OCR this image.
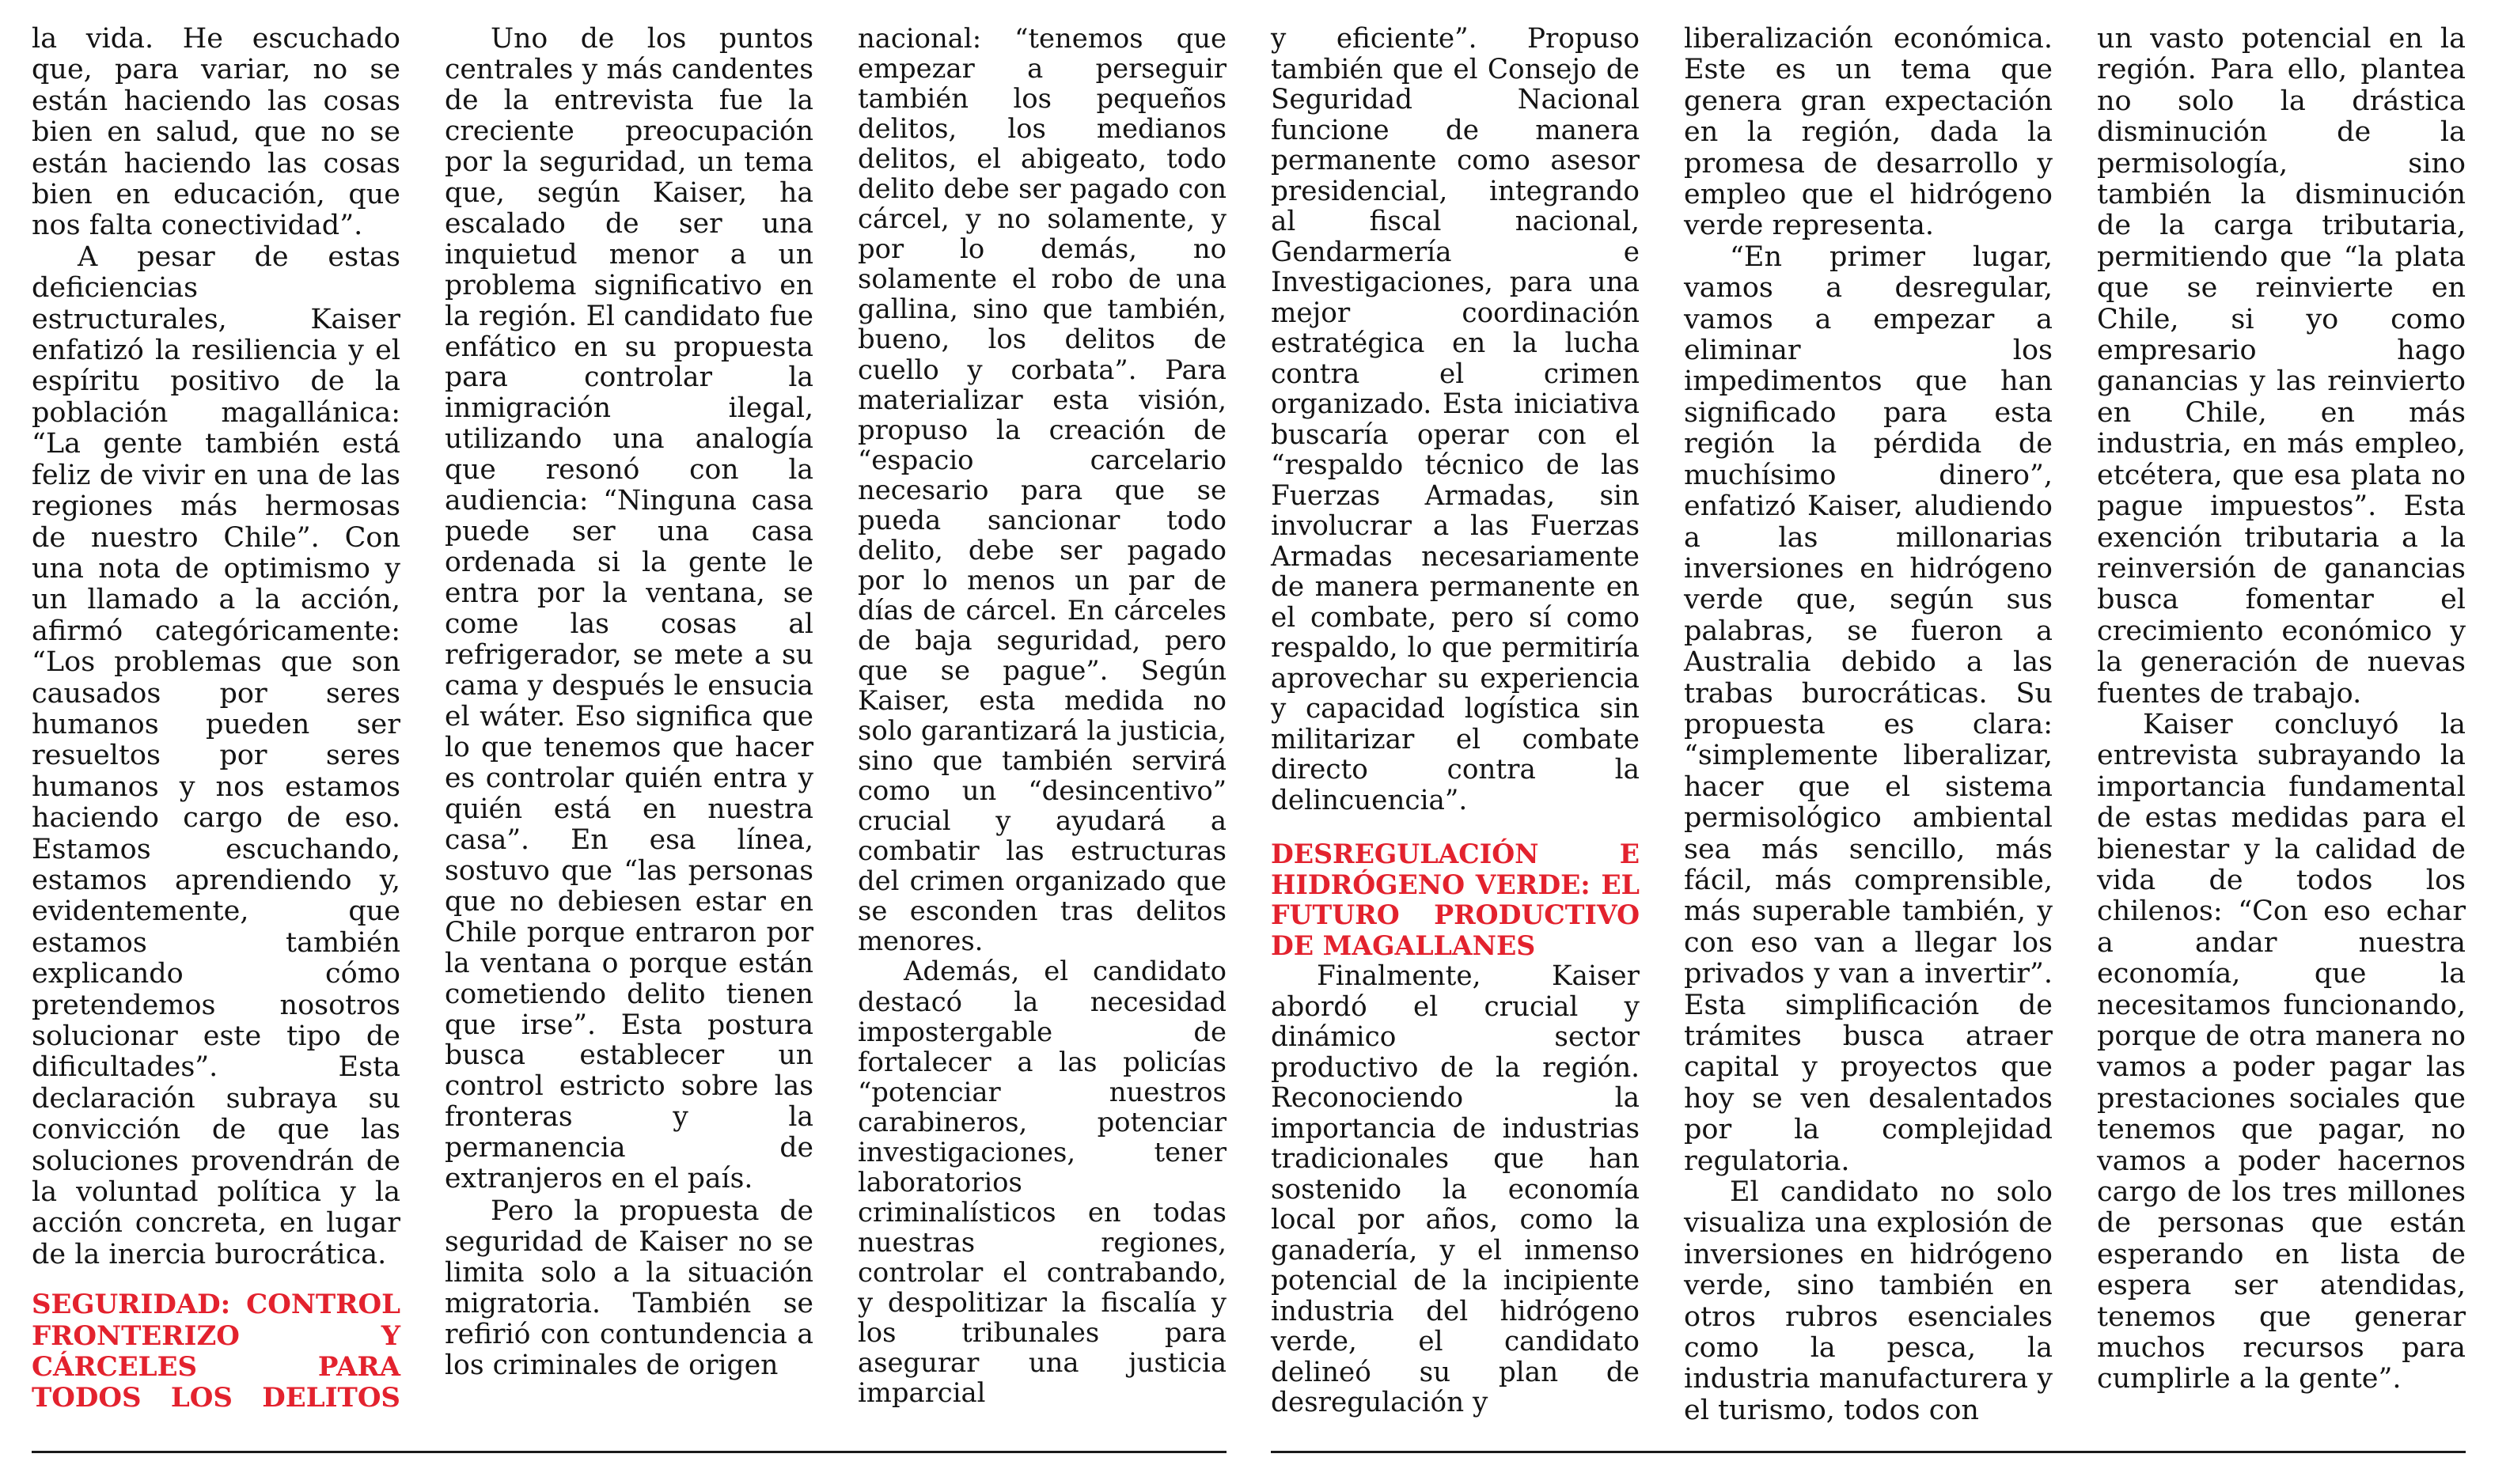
la vida. He escuchado que, para variar, no se están haciendo las cosas bien en salud, que no se están haciendo las cosas bien en educación, que nos falta conectividad”.

A pesar de estas deficiencias estructurales, Kaiser enfatizó la resiliencia y el espíritu positivo de la población magallánica: “La gente también está feliz de vivir en una de las regiones más hermosas de nuestro Chile”. Con una nota de optimismo y un llamado a la acción, afirmó categóricamente: “Los problemas que son causados por seres humanos pueden ser resueltos por seres humanos y nos estamos haciendo cargo de eso. Estamos escuchando, estamos aprendiendo y, evidentemente, que estamos también explicando cómo pretendemos nosotros solucionar este tipo de dificultades”. Esta declaración subraya su convicción de que las soluciones provendrán de la voluntad política y la acción concreta, en lugar de la inercia burocrática.

SEGURIDAD: CONTROL FRONTERIZO Y CÁRCELES PARA TODOS LOS DELITOS

Uno de los puntos centrales y más candentes de la entrevista fue la creciente preocupación por la seguridad, un tema que, según Kaiser, ha escalado de ser una inquietud menor a un problema significativo en la región. El candidato fue enfático en su propuesta para controlar la inmigración ilegal, utilizando una analogía que resonó con la audiencia: “Ninguna casa puede ser una casa ordenada si la gente le entra por la ventana, se come las cosas al refrigerador, se mete a su cama y después le ensucia el wáter. Eso significa que lo que tenemos que hacer es controlar quién entra y quién está en nuestra casa”. En esa línea, sostuvo que “las personas que no debiesen estar en Chile porque entraron por la ventana o porque están cometiendo delito tienen que irse”. Esta postura busca establecer un control estricto sobre las fronteras y la permanencia de extranjeros en el país.

Pero la propuesta de seguridad de Kaiser no se limita solo a la situación migratoria. También se refirió con contundencia a los criminales de origen

nacional: “tenemos que empezar a perseguir también los pequeños delitos, los medianos delitos, el abigeato, todo delito debe ser pagado con cárcel, y no solamente, y por lo demás, no solamente el robo de una gallina, sino que también, bueno, los delitos de cuello y corbata”. Para materializar esta visión, propuso la creación de “espacio carcelario necesario para que se pueda sancionar todo delito, debe ser pagado por lo menos un par de días de cárcel. En cárceles de baja seguridad, pero que se pague”. Según Kaiser, esta medida no solo garantizará la justicia, sino que también servirá como un “desincentivo” crucial y ayudará a combatir las estructuras del crimen organizado que se esconden tras delitos menores.

Además, el candidato destacó la necesidad impostergable de fortalecer a las policías “potenciar nuestros carabineros, potenciar investigaciones, tener laboratorios criminalísticos en todas nuestras regiones, controlar el contrabando, y despolitizar la fiscalía y los tribunales para asegurar una justicia imparcial

y eficiente”. Propuso también que el Consejo de Seguridad Nacional funcione de manera permanente como asesor presidencial, integrando al fiscal nacional, Gendarmería e Investigaciones, para una mejor coordinación estratégica en la lucha contra el crimen organizado. Esta iniciativa buscaría operar con el “respaldo técnico de las Fuerzas Armadas, sin involucrar a las Fuerzas Armadas necesariamente de manera permanente en el combate, pero sí como respaldo, lo que permitiría aprovechar su experiencia y capacidad logística sin militarizar el combate directo contra la delincuencia”.

DESREGULACIÓN E HIDRÓGENO VERDE: EL FUTURO PRODUCTIVO DE MAGALLANES

Finalmente, Kaiser abordó el crucial y dinámico sector productivo de la región. Reconociendo la importancia de industrias tradicionales que han sostenido la economía local por años, como la ganadería, y el inmenso potencial de la incipiente industria del hidrógeno verde, el candidato delineó su plan de desregulación y

liberalización económica. Este es un tema que genera gran expectación en la región, dada la promesa de desarrollo y empleo que el hidrógeno verde representa.

“En primer lugar, vamos a desregular, vamos a empezar a eliminar los impedimentos que han significado para esta región la pérdida de muchísimo dinero”, enfatizó Kaiser, aludiendo a las millonarias inversiones en hidrógeno verde que, según sus palabras, se fueron a Australia debido a las trabas burocráticas. Su propuesta es clara: “simplemente liberalizar, hacer que el sistema permisológico ambiental sea más sencillo, más fácil, más comprensible, más superable también, y con eso van a llegar los privados y van a invertir”. Esta simplificación de trámites busca atraer capital y proyectos que hoy se ven desalentados por la complejidad regulatoria.

El candidato no solo visualiza una explosión de inversiones en hidrógeno verde, sino también en otros rubros esenciales como la pesca, la industria manufacturera y el turismo, todos con

un vasto potencial en la región. Para ello, plantea no solo la drástica disminución de la permisología, sino también la disminución de la carga tributaria, permitiendo que “la plata que se reinvierte en Chile, si yo como empresario hago ganancias y las reinvierto en Chile, en más industria, en más empleo, etcétera, que esa plata no pague impuestos”. Esta exención tributaria a la reinversión de ganancias busca fomentar el crecimiento económico y la generación de nuevas fuentes de trabajo.

Kaiser concluyó la entrevista subrayando la importancia fundamental de estas medidas para el bienestar y la calidad de vida de todos los chilenos: “Con eso echar a andar nuestra economía, que la necesitamos funcionando, porque de otra manera no vamos a poder pagar las prestaciones sociales que tenemos que pagar, no vamos a poder hacernos cargo de los tres millones de personas que están esperando en lista de espera ser atendidas, tenemos que generar muchos recursos para cumplirle a la gente”.
